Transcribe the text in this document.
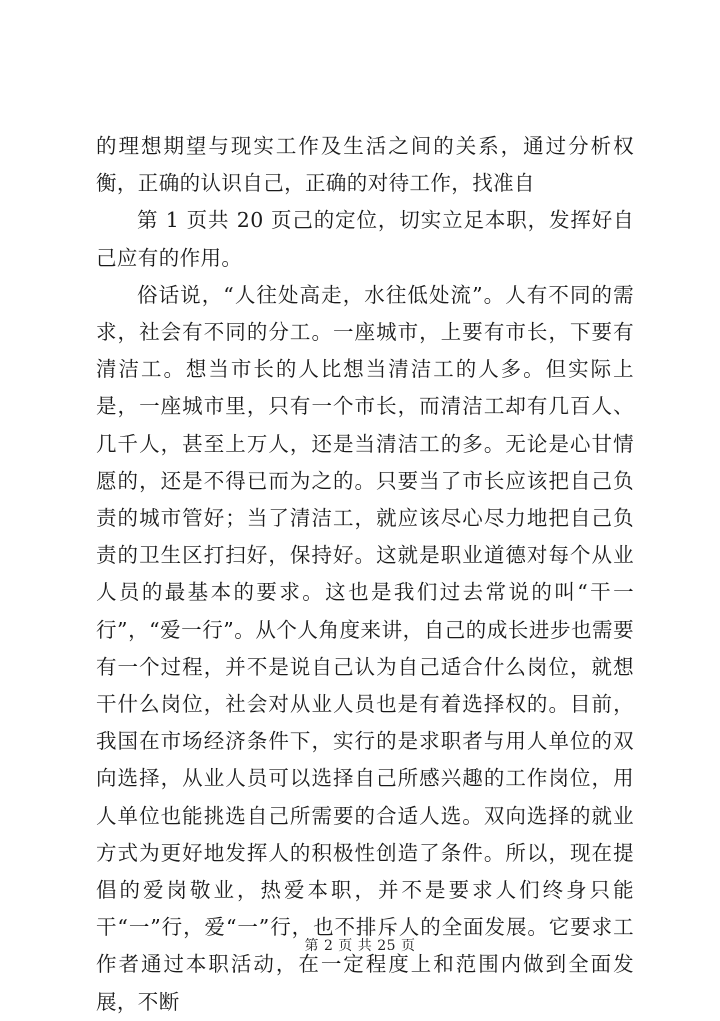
的理想期望与现实工作及生活之间的关系，通过分析权衡，正确的认识自己，正确的对待工作，找准自

第 1 页共 20 页己的定位，切实立足本职，发挥好自己应有的作用。

俗话说，“人往处高走，水往低处流”。人有不同的需求，社会有不同的分工。一座城市，上要有市长，下要有清洁工。想当市长的人比想当清洁工的人多。但实际上是，一座城市里，只有一个市长，而清洁工却有几百人、几千人，甚至上万人，还是当清洁工的多。无论是心甘情愿的，还是不得已而为之的。只要当了市长应该把自己负责的城市管好；当了清洁工，就应该尽心尽力地把自己负责的卫生区打扫好，保持好。这就是职业道德对每个从业人员的最基本的要求。这也是我们过去常说的叫“干一行”，“爱一行”。从个人角度来讲，自己的成长进步也需要有一个过程，并不是说自己认为自己适合什么岗位，就想干什么岗位，社会对从业人员也是有着选择权的。目前，我国在市场经济条件下，实行的是求职者与用人单位的双向选择，从业人员可以选择自己所感兴趣的工作岗位，用人单位也能挑选自己所需要的合适人选。双向选择的就业方式为更好地发挥人的积极性创造了条件。所以，现在提倡的爱岗敬业，热爱本职，并不是要求人们终身只能干“一”行，爱“一”行，也不排斥人的全面发展。它要求工作者通过本职活动，在一定程度上和范围内做到全面发展，不断

第 2 页 共 25 页
